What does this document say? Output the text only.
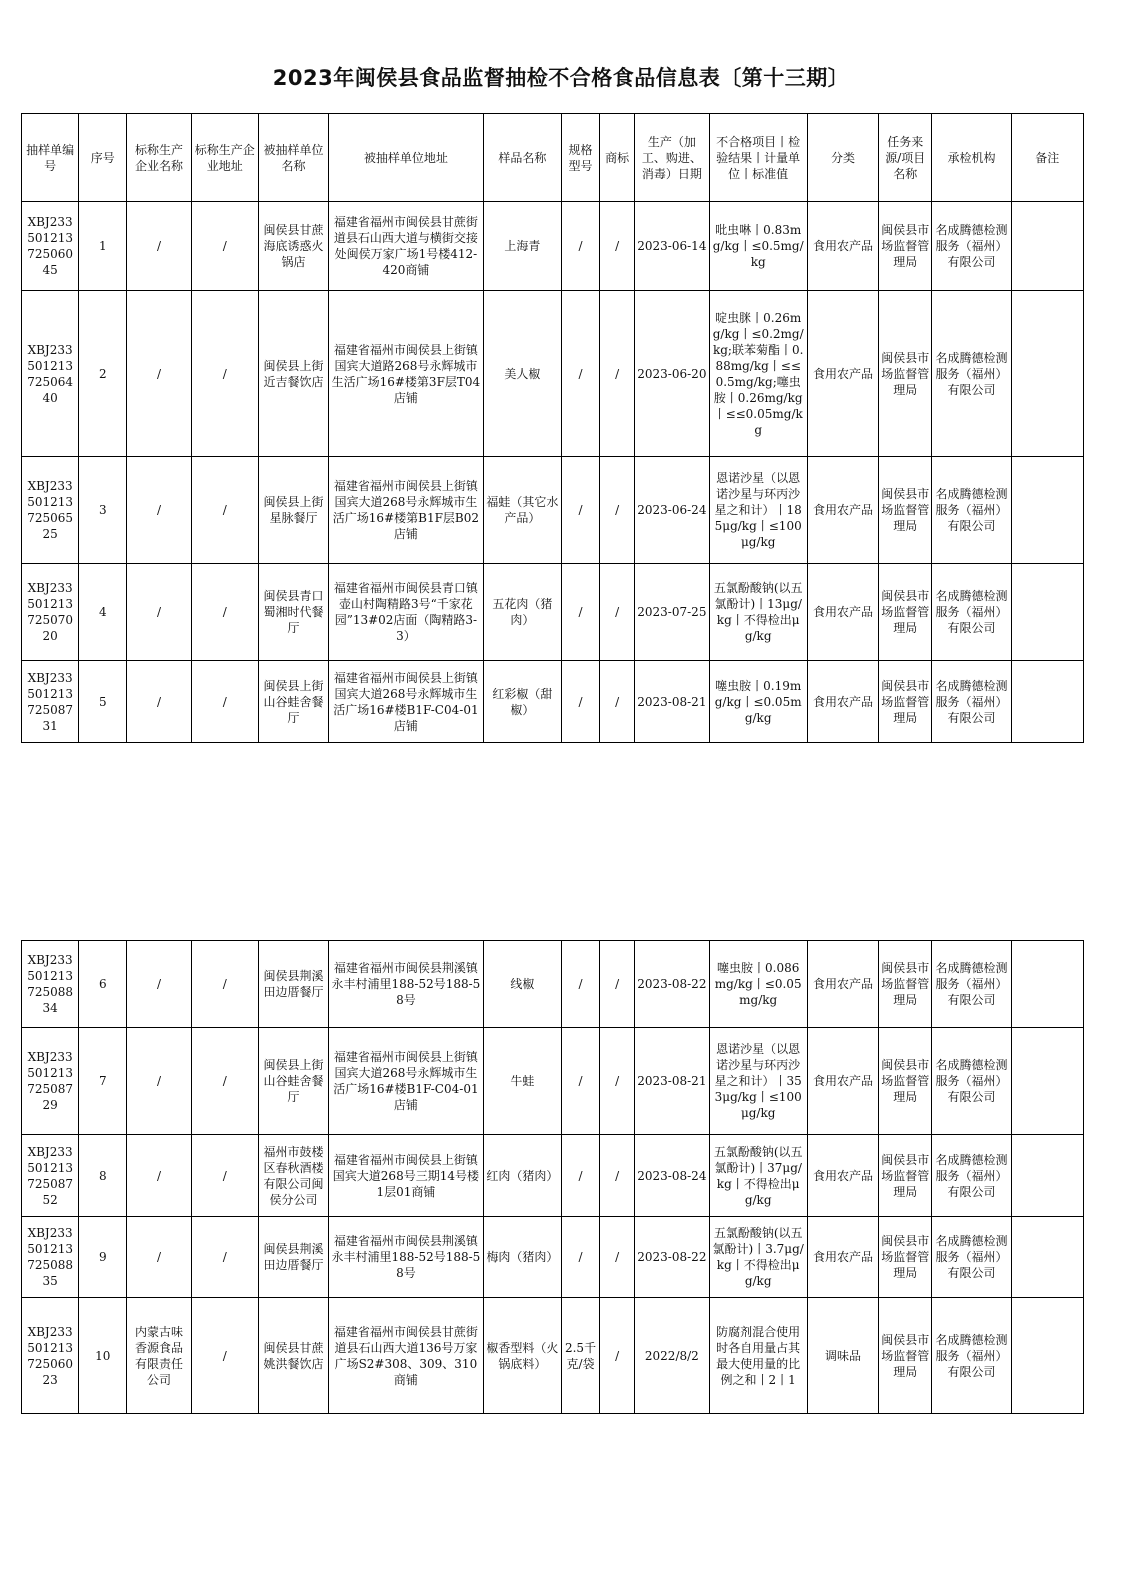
2023年闽侯县食品监督抽检不合格食品信息表〔第十三期〕
抽样单编号	序号	标称生产企业名称	标称生产企业地址	被抽样单位名称	被抽样单位地址	样品名称	规格型号	商标	生产（加工、购进、消毒）日期	不合格项目丨检验结果丨计量单位丨标准值	分类	任务来源/项目名称	承检机构	备注
XBJ23350121372506045	1	/	/	闽侯县甘蔗海底诱惑火锅店	福建省福州市闽侯县甘蔗街道县石山西大道与横街交接处闽侯万家广场1号楼412-420商铺	上海青	/	/	2023-06-14	吡虫啉丨0.83mg/kg丨≤0.5mg/kg	食用农产品	闽侯县市场监督管理局	名成腾德检测服务（福州）有限公司	
XBJ23350121372506440	2	/	/	闽侯县上街近吉餐饮店	福建省福州市闽侯县上街镇国宾大道路268号永辉城市生活广场16#楼第3F层T04店铺	美人椒	/	/	2023-06-20	啶虫脒丨0.26mg/kg丨≤0.2mg/kg;联苯菊酯丨0.88mg/kg丨≤≤0.5mg/kg;噻虫胺丨0.26mg/kg丨≤≤0.05mg/kg	食用农产品	闽侯县市场监督管理局	名成腾德检测服务（福州）有限公司	
XBJ23350121372506525	3	/	/	闽侯县上街星脉餐厅	福建省福州市闽侯县上街镇国宾大道268号永辉城市生活广场16#楼第B1F层B02店铺	福蛙（其它水产品）	/	/	2023-06-24	恩诺沙星（以恩诺沙星与环丙沙星之和计）丨185μg/kg丨≤100μg/kg	食用农产品	闽侯县市场监督管理局	名成腾德检测服务（福州）有限公司	
XBJ23350121372507020	4	/	/	闽侯县青口蜀湘时代餐厅	福建省福州市闽侯县青口镇壶山村陶精路3号“千家花园”13#02店面（陶精路3-3）	五花肉（猪肉）	/	/	2023-07-25	五氯酚酸钠(以五氯酚计)丨13μg/kg丨不得检出μg/kg	食用农产品	闽侯县市场监督管理局	名成腾德检测服务（福州）有限公司	
XBJ23350121372508731	5	/	/	闽侯县上街山谷蛙舍餐厅	福建省福州市闽侯县上街镇国宾大道268号永辉城市生活广场16#楼B1F-C04-01店铺	红彩椒（甜椒）	/	/	2023-08-21	噻虫胺丨0.19mg/kg丨≤0.05mg/kg	食用农产品	闽侯县市场监督管理局	名成腾德检测服务（福州）有限公司	
XBJ23350121372508834	6	/	/	闽侯县荆溪田边厝餐厅	福建省福州市闽侯县荆溪镇永丰村浦里188-52号188-58号	线椒	/	/	2023-08-22	噻虫胺丨0.086mg/kg丨≤0.05mg/kg	食用农产品	闽侯县市场监督管理局	名成腾德检测服务（福州）有限公司	
XBJ23350121372508729	7	/	/	闽侯县上街山谷蛙舍餐厅	福建省福州市闽侯县上街镇国宾大道268号永辉城市生活广场16#楼B1F-C04-01店铺	牛蛙	/	/	2023-08-21	恩诺沙星（以恩诺沙星与环丙沙星之和计）丨353μg/kg丨≤100μg/kg	食用农产品	闽侯县市场监督管理局	名成腾德检测服务（福州）有限公司	
XBJ23350121372508752	8	/	/	福州市鼓楼区春秋酒楼有限公司闽侯分公司	福建省福州市闽侯县上街镇国宾大道268号三期14号楼1层01商铺	红肉（猪肉）	/	/	2023-08-24	五氯酚酸钠(以五氯酚计)丨37μg/kg丨不得检出μg/kg	食用农产品	闽侯县市场监督管理局	名成腾德检测服务（福州）有限公司	
XBJ23350121372508835	9	/	/	闽侯县荆溪田边厝餐厅	福建省福州市闽侯县荆溪镇永丰村浦里188-52号188-58号	梅肉（猪肉）	/	/	2023-08-22	五氯酚酸钠(以五氯酚计)丨3.7μg/kg丨不得检出μg/kg	食用农产品	闽侯县市场监督管理局	名成腾德检测服务（福州）有限公司	
XBJ23350121372506023	10	内蒙古味香源食品有限责任公司	/	闽侯县甘蔗姚洪餐饮店	福建省福州市闽侯县甘蔗街道县石山西大道136号万家广场S2#308、309、310商铺	椒香型料（火锅底料）	2.5千克/袋	/	2022/8/2	防腐剂混合使用时各自用量占其最大使用量的比例之和丨2丨1	调味品	闽侯县市场监督管理局	名成腾德检测服务（福州）有限公司	
